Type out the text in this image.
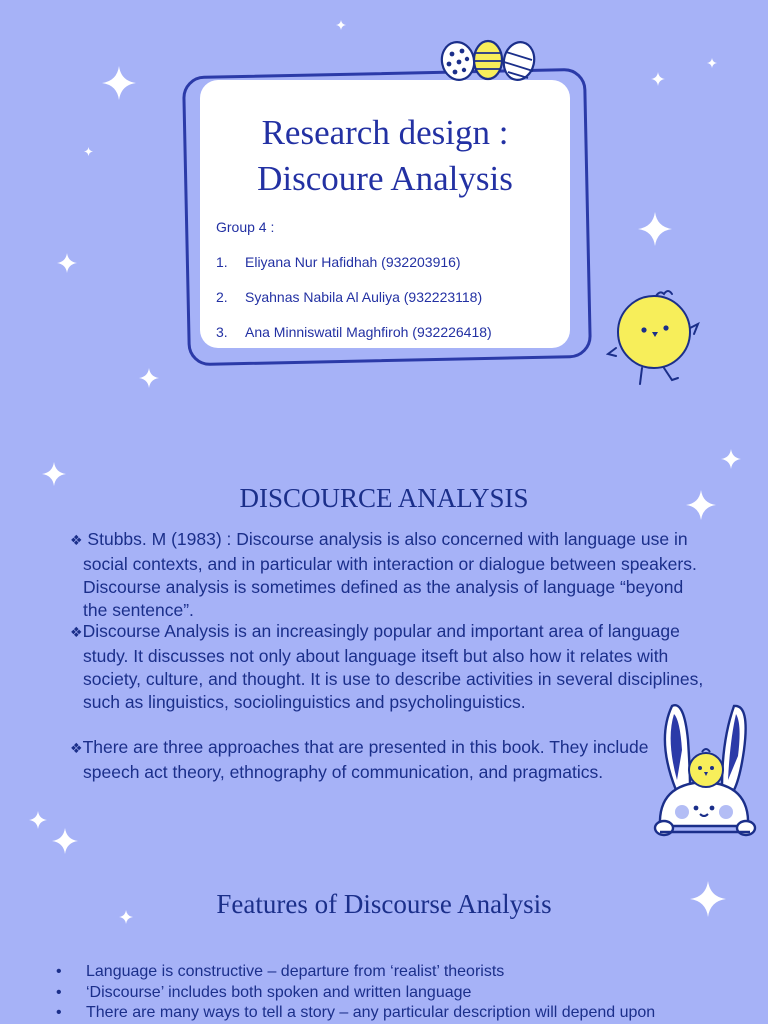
Research design :
Discoure Analysis
Group 4 :
1. Eliyana Nur Hafidhah (932203916)
2. Syahnas Nabila Al Auliya (932223118)
3. Ana Minniswatil Maghfiroh (932226418)
DISCOURCE ANALYSIS
❖ Stubbs. M (1983) : Discourse analysis is also concerned with language use in social contexts, and in particular with interaction or dialogue between speakers. Discourse analysis is sometimes defined as the analysis of language “beyond the sentence”.
❖Discourse Analysis is an increasingly popular and important area of language study. It discusses not only about language itseft but also how it relates with society, culture, and thought. It is use to describe activities in several disciplines, such as linguistics, sociolinguistics and psycholinguistics.
❖There are three approaches that are presented in this book. They include speech act theory, ethnography of communication, and pragmatics.
Features of Discourse Analysis
• Language is constructive – departure from ‘realist’ theorists
• ‘Discourse’ includes both spoken and written language
• There are many ways to tell a story – any particular description will depend upon
